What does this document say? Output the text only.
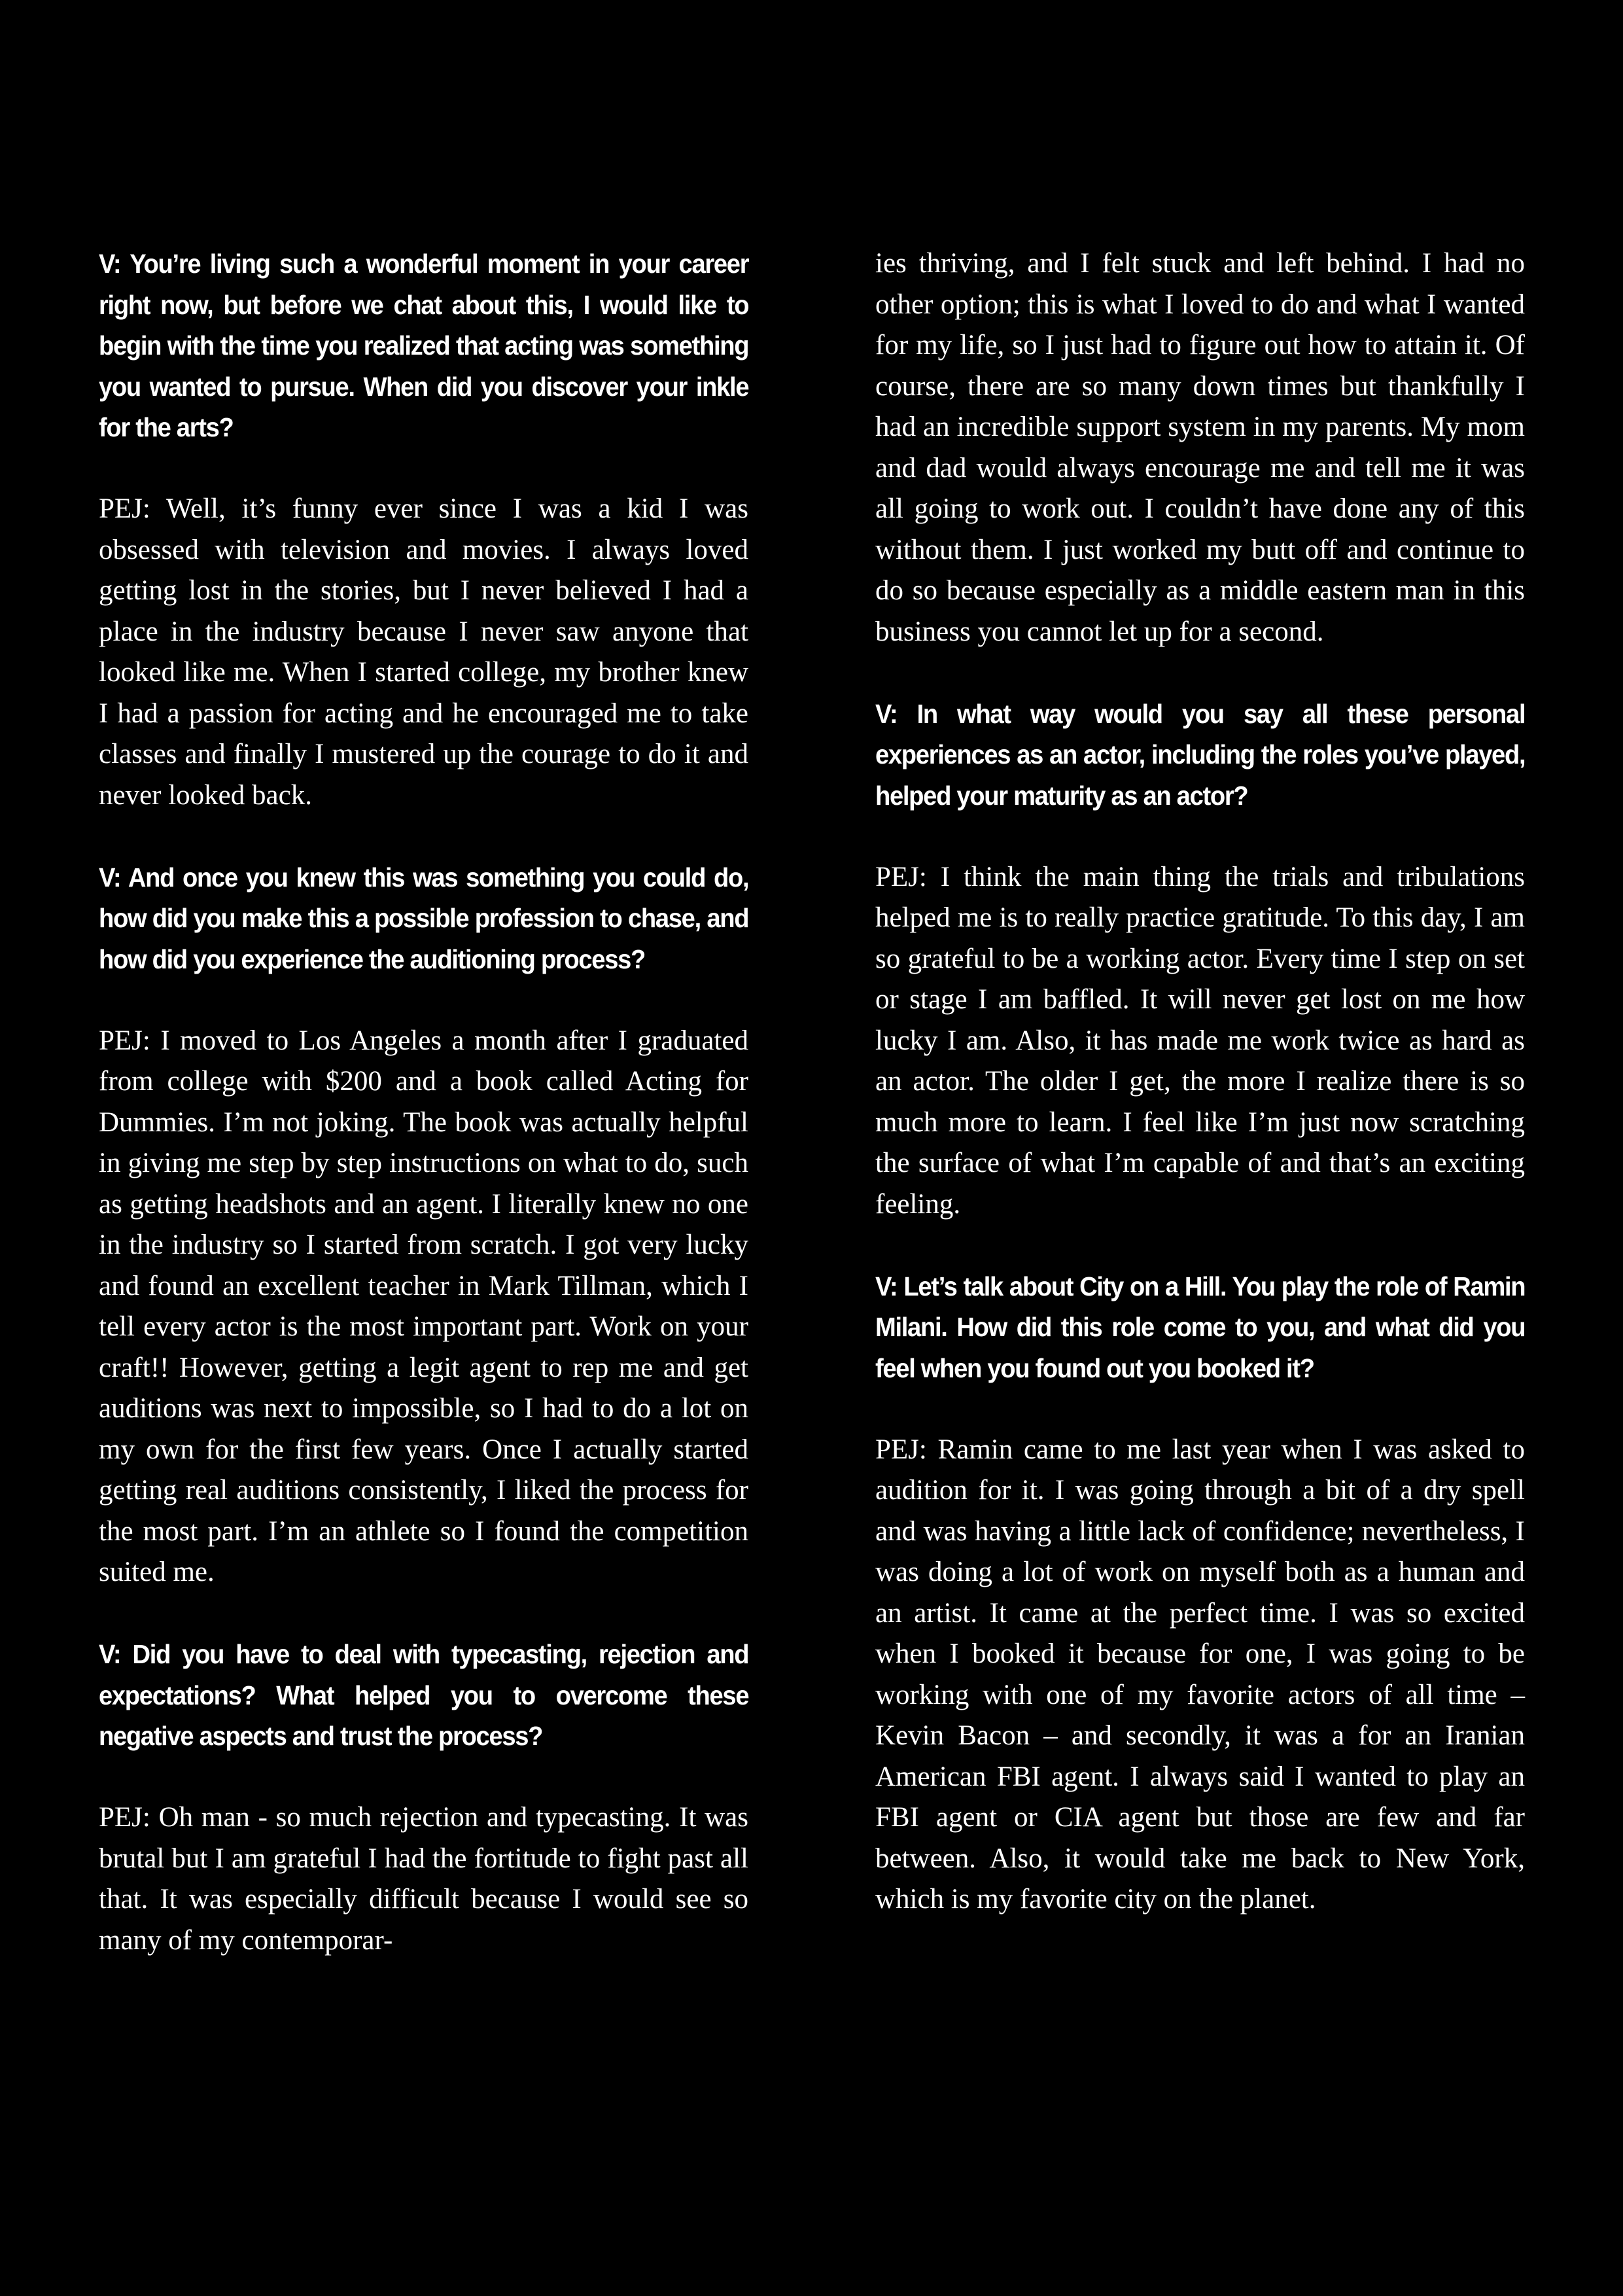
V: You’re living such a wonderful moment in your career right now, but before we chat about this, I would like to begin with the time you realized that acting was something you wanted to pursue. When did you discover your inkle for the arts?

PEJ: Well, it’s funny ever since I was a kid I was obsessed with television and movies. I always loved getting lost in the stories, but I never believed I had a place in the industry because I never saw anyone that looked like me. When I started college, my brother knew I had a passion for acting and he encouraged me to take classes and finally I mustered up the courage to do it and never looked back.

V: And once you knew this was something you could do, how did you make this a possible profession to chase, and how did you experience the auditioning process?

PEJ: I moved to Los Angeles a month after I graduated from college with $200 and a book called Acting for Dummies. I’m not joking. The book was actually helpful in giving me step by step instructions on what to do, such as getting headshots and an agent. I literally knew no one in the industry so I started from scratch. I got very lucky and found an excellent teacher in Mark Tillman, which I tell every actor is the most important part. Work on your craft!! However, getting a legit agent to rep me and get auditions was next to impossible, so I had to do a lot on my own for the first few years. Once I actually started getting real auditions consistently, I liked the process for the most part. I’m an athlete so I found the competition suited me.

V: Did you have to deal with typecasting, rejection and expectations? What helped you to overcome these negative aspects and trust the process?

PEJ: Oh man - so much rejection and typecasting. It was brutal but I am grateful I had the fortitude to fight past all that. It was especially difficult because I would see so many of my contemporar-

ies thriving, and I felt stuck and left behind. I had no other option; this is what I loved to do and what I wanted for my life, so I just had to figure out how to attain it. Of course, there are so many down times but thankfully I had an incredible support system in my parents. My mom and dad would always encourage me and tell me it was all going to work out. I couldn’t have done any of this without them. I just worked my butt off and continue to do so because especially as a middle eastern man in this business you cannot let up for a second.

V: In what way would you say all these personal experiences as an actor, including the roles you’ve played, helped your maturity as an actor?

PEJ: I think the main thing the trials and tribulations helped me is to really practice gratitude. To this day, I am so grateful to be a working actor. Every time I step on set or stage I am baffled. It will never get lost on me how lucky I am. Also, it has made me work twice as hard as an actor. The older I get, the more I realize there is so much more to learn. I feel like I’m just now scratching the surface of what I’m capable of and that’s an exciting feeling.

V: Let’s talk about City on a Hill. You play the role of Ramin Milani. How did this role come to you, and what did you feel when you found out you booked it?

PEJ: Ramin came to me last year when I was asked to audition for it. I was going through a bit of a dry spell and was having a little lack of confidence; nevertheless, I was doing a lot of work on myself both as a human and an artist. It came at the perfect time. I was so excited when I booked it because for one, I was going to be working with one of my favorite actors of all time – Kevin Bacon – and secondly, it was a for an Iranian American FBI agent. I always said I wanted to play an FBI agent or CIA agent but those are few and far between. Also, it would take me back to New York, which is my favorite city on the planet.
